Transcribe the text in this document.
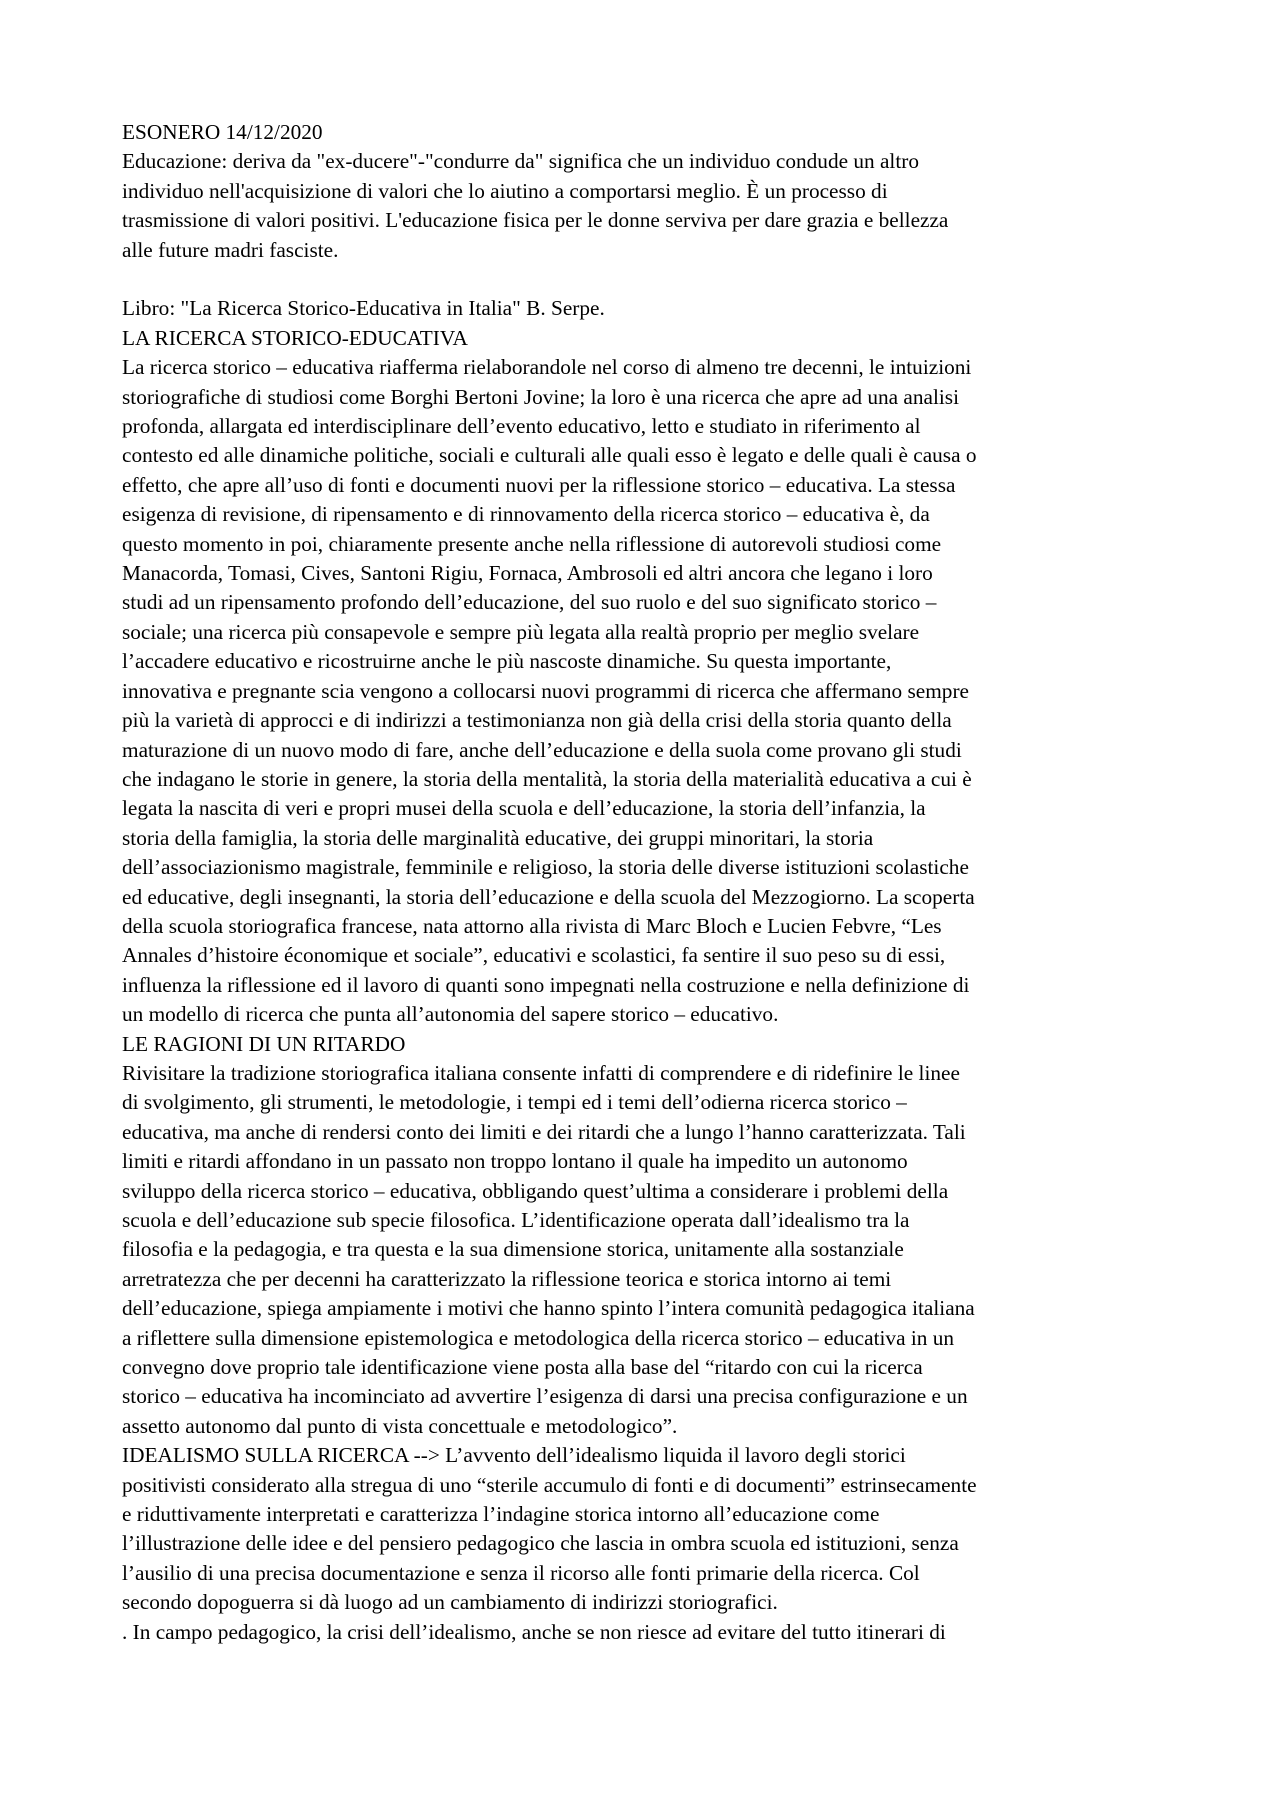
ESONERO 14/12/2020
Educazione: deriva da "ex-ducere"-"condurre da" significa che un individuo condude un altro
individuo nell'acquisizione di valori che lo aiutino a comportarsi meglio. È un processo di
trasmissione di valori positivi. L'educazione fisica per le donne serviva per dare grazia e bellezza
alle future madri fasciste.
Libro: "La Ricerca Storico-Educativa in Italia" B. Serpe.
LA RICERCA STORICO-EDUCATIVA
La ricerca storico – educativa riafferma rielaborandole nel corso di almeno tre decenni, le intuizioni
storiografiche di studiosi come Borghi Bertoni Jovine; la loro è una ricerca che apre ad una analisi
profonda, allargata ed interdisciplinare dell’evento educativo, letto e studiato in riferimento al
contesto ed alle dinamiche politiche, sociali e culturali alle quali esso è legato e delle quali è causa o
effetto, che apre all’uso di fonti e documenti nuovi per la riflessione storico – educativa. La stessa
esigenza di revisione, di ripensamento e di rinnovamento della ricerca storico – educativa è, da
questo momento in poi, chiaramente presente anche nella riflessione di autorevoli studiosi come
Manacorda, Tomasi, Cives, Santoni Rigiu, Fornaca, Ambrosoli ed altri ancora che legano i loro
studi ad un ripensamento profondo dell’educazione, del suo ruolo e del suo significato storico –
sociale; una ricerca più consapevole e sempre più legata alla realtà proprio per meglio svelare
l’accadere educativo e ricostruirne anche le più nascoste dinamiche. Su questa importante,
innovativa e pregnante scia vengono a collocarsi nuovi programmi di ricerca che affermano sempre
più la varietà di approcci e di indirizzi a testimonianza non già della crisi della storia quanto della
maturazione di un nuovo modo di fare, anche dell’educazione e della suola come provano gli studi
che indagano le storie in genere, la storia della mentalità, la storia della materialità educativa a cui è
legata la nascita di veri e propri musei della scuola e dell’educazione, la storia dell’infanzia, la
storia della famiglia, la storia delle marginalità educative, dei gruppi minoritari, la storia
dell’associazionismo magistrale, femminile e religioso, la storia delle diverse istituzioni scolastiche
ed educative, degli insegnanti, la storia dell’educazione e della scuola del Mezzogiorno. La scoperta
della scuola storiografica francese, nata attorno alla rivista di Marc Bloch e Lucien Febvre, “Les
Annales d’histoire économique et sociale”, educativi e scolastici, fa sentire il suo peso su di essi,
influenza la riflessione ed il lavoro di quanti sono impegnati nella costruzione e nella definizione di
un modello di ricerca che punta all’autonomia del sapere storico – educativo.
LE RAGIONI DI UN RITARDO
Rivisitare la tradizione storiografica italiana consente infatti di comprendere e di ridefinire le linee
di svolgimento, gli strumenti, le metodologie, i tempi ed i temi dell’odierna ricerca storico –
educativa, ma anche di rendersi conto dei limiti e dei ritardi che a lungo l’hanno caratterizzata. Tali
limiti e ritardi affondano in un passato non troppo lontano il quale ha impedito un autonomo
sviluppo della ricerca storico – educativa, obbligando quest’ultima a considerare i problemi della
scuola e dell’educazione sub specie filosofica. L’identificazione operata dall’idealismo tra la
filosofia e la pedagogia, e tra questa e la sua dimensione storica, unitamente alla sostanziale
arretratezza che per decenni ha caratterizzato la riflessione teorica e storica intorno ai temi
dell’educazione, spiega ampiamente i motivi che hanno spinto l’intera comunità pedagogica italiana
a riflettere sulla dimensione epistemologica e metodologica della ricerca storico – educativa in un
convegno dove proprio tale identificazione viene posta alla base del “ritardo con cui la ricerca
storico – educativa ha incominciato ad avvertire l’esigenza di darsi una precisa configurazione e un
assetto autonomo dal punto di vista concettuale e metodologico”.
IDEALISMO SULLA RICERCA --> L’avvento dell’idealismo liquida il lavoro degli storici
positivisti considerato alla stregua di uno “sterile accumulo di fonti e di documenti” estrinsecamente
e riduttivamente interpretati e caratterizza l’indagine storica intorno all’educazione come
l’illustrazione delle idee e del pensiero pedagogico che lascia in ombra scuola ed istituzioni, senza
l’ausilio di una precisa documentazione e senza il ricorso alle fonti primarie della ricerca. Col
secondo dopoguerra si dà luogo ad un cambiamento di indirizzi storiografici.
. In campo pedagogico, la crisi dell’idealismo, anche se non riesce ad evitare del tutto itinerari di
